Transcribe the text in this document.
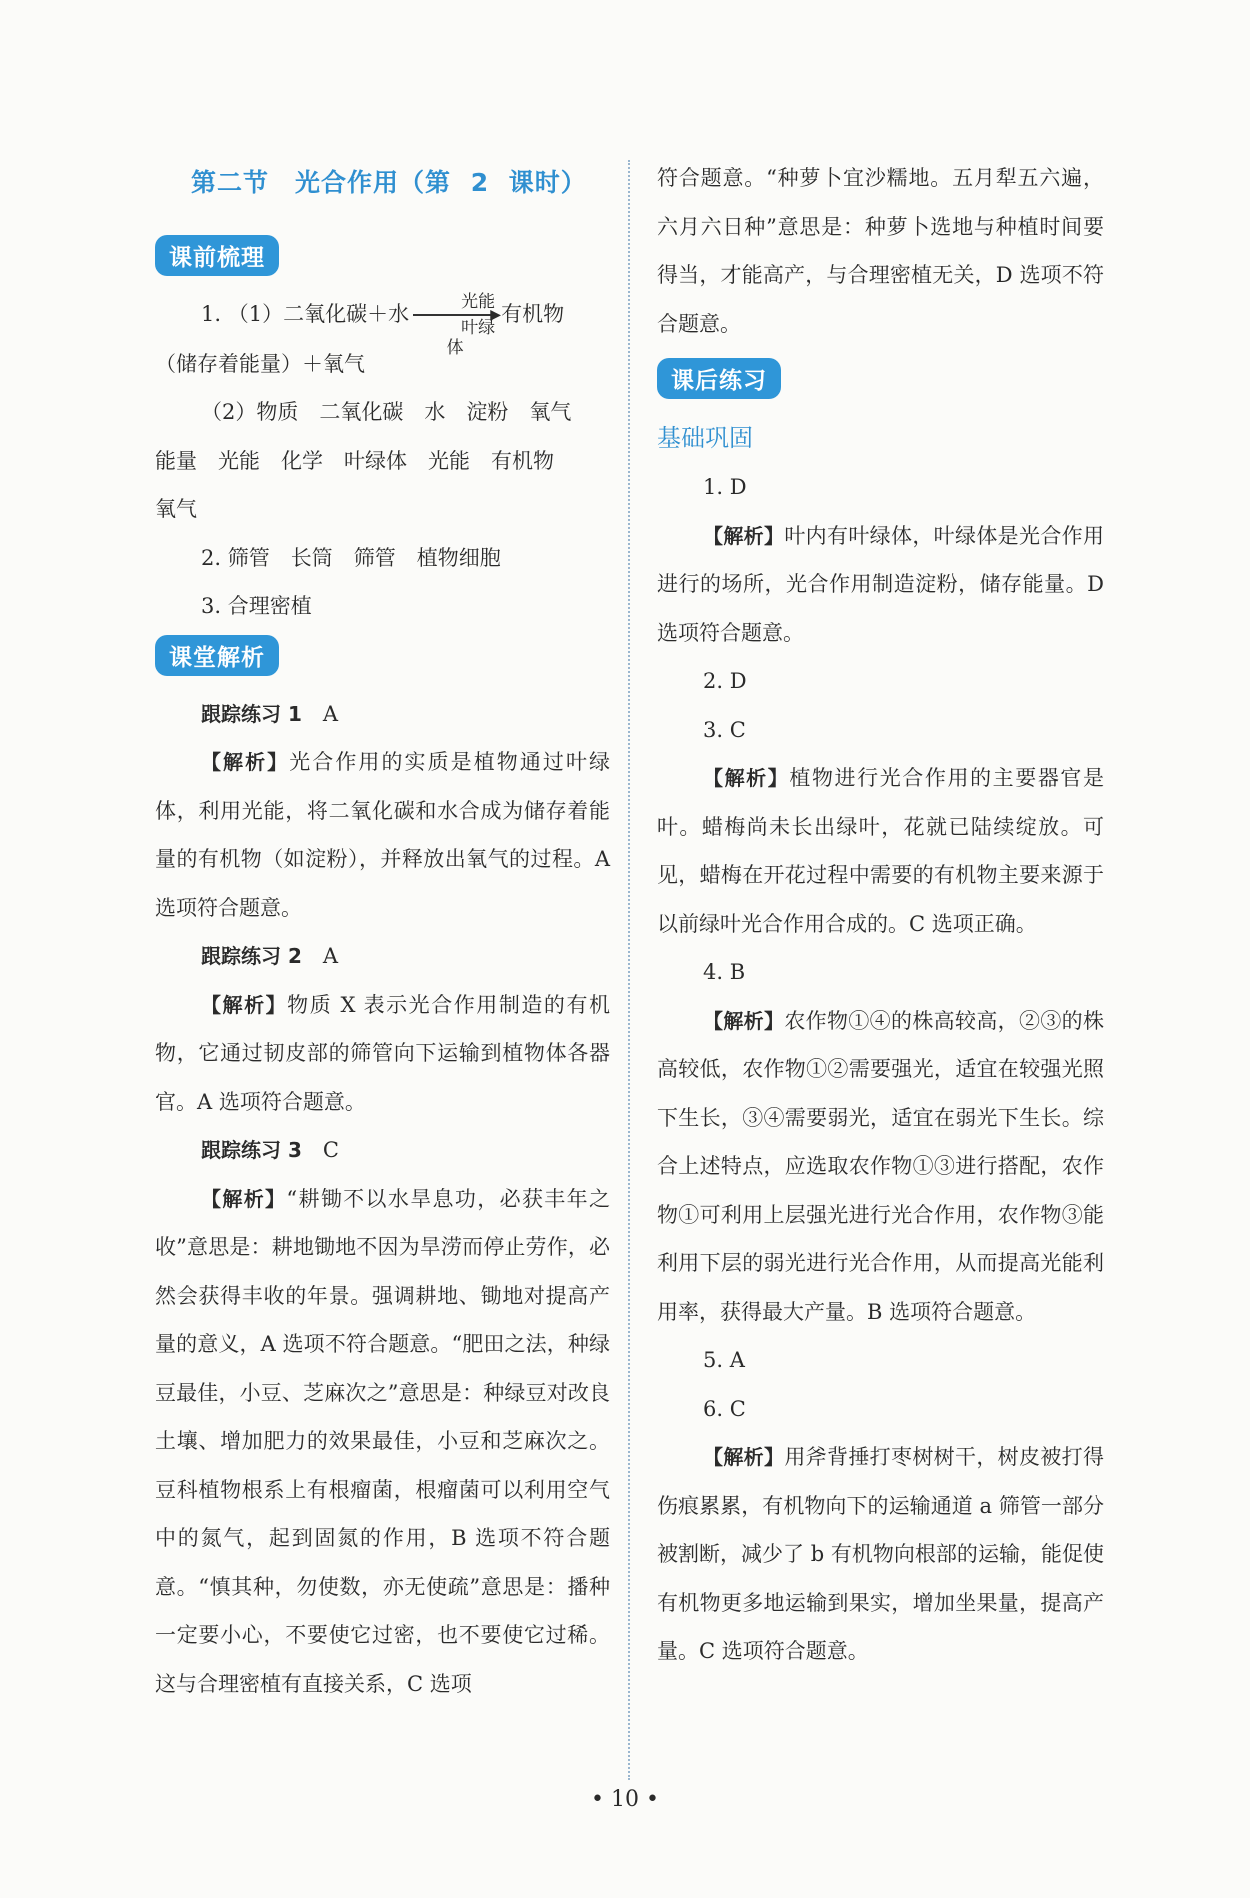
第二节　光合作用（第 2 课时）
课前梳理

1. （1）二氧化碳＋水
光能
▶
叶绿体
有机物

（储存着能量）＋氧气

（2）物质　二氧化碳　水　淀粉　氧气

能量　光能　化学　叶绿体　光能　有机物

氧气

2. 筛管　长筒　筛管　植物细胞

3. 合理密植

课堂解析

跟踪练习 1　 A

【解析】光合作用的实质是植物通过叶绿体，利用光能，将二氧化碳和水合成为储存着能量的有机物（如淀粉），并释放出氧气的过程。A 选项符合题意。

跟踪练习 2　 A

【解析】物质 X 表示光合作用制造的有机物，它通过韧皮部的筛管向下运输到植物体各器官。A 选项符合题意。

跟踪练习 3　 C

【解析】“耕锄不以水旱息功，必获丰年之收”意思是：耕地锄地不因为旱涝而停止劳作，必然会获得丰收的年景。强调耕地、锄地对提高产量的意义，A 选项不符合题意。“肥田之法，种绿豆最佳，小豆、芝麻次之”意思是：种绿豆对改良土壤、增加肥力的效果最佳，小豆和芝麻次之。豆科植物根系上有根瘤菌，根瘤菌可以利用空气中的氮气，起到固氮的作用，B 选项不符合题意。“慎其种，勿使数，亦无使疏”意思是：播种一定要小心，不要使它过密，也不要使它过稀。这与合理密植有直接关系，C 选项

符合题意。“种萝卜宜沙糯地。五月犁五六遍，六月六日种”意思是：种萝卜选地与种植时间要得当，才能高产，与合理密植无关，D 选项不符合题意。

课后练习
基础巩固

1. D

【解析】叶内有叶绿体，叶绿体是光合作用进行的场所，光合作用制造淀粉，储存能量。D 选项符合题意。

2. D

3. C

【解析】植物进行光合作用的主要器官是叶。蜡梅尚未长出绿叶，花就已陆续绽放。可见，蜡梅在开花过程中需要的有机物主要来源于以前绿叶光合作用合成的。C 选项正确。

4. B

【解析】农作物①④的株高较高，②③的株高较低，农作物①②需要强光，适宜在较强光照下生长，③④需要弱光，适宜在弱光下生长。综合上述特点，应选取农作物①③进行搭配，农作物①可利用上层强光进行光合作用，农作物③能利用下层的弱光进行光合作用，从而提高光能利用率，获得最大产量。B 选项符合题意。

5. A

6. C

【解析】用斧背捶打枣树树干，树皮被打得伤痕累累，有机物向下的运输通道 a 筛管一部分被割断，减少了 b 有机物向根部的运输，能促使有机物更多地运输到果实，增加坐果量，提高产量。C 选项符合题意。

• 10 •
